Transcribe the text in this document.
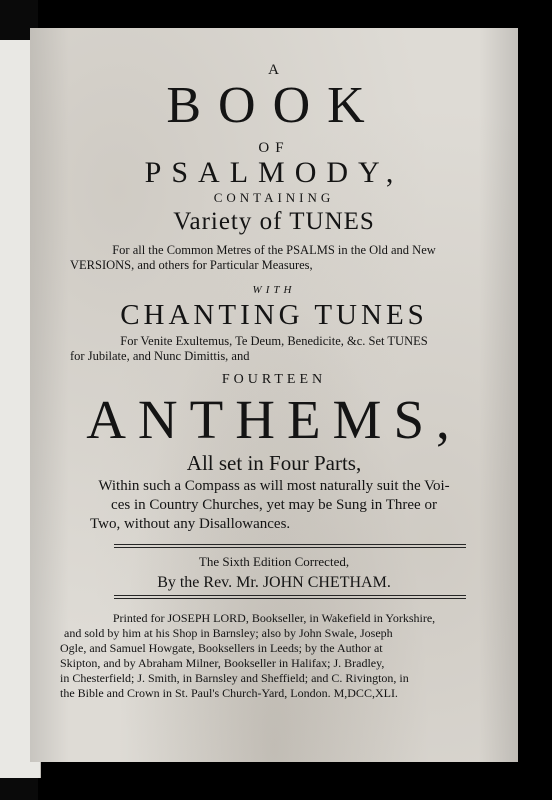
A
BOOK
OF
PSALMODY,
CONTAINING
Variety of TUNES
For all the Common Metres of the PSALMS in the Old and New
VERSIONS, and others for Particular Measures,
WITH
CHANTING TUNES
For Venite Exultemus, Te Deum, Benedicite, &c. Set TUNES
for Jubilate, and Nunc Dimittis, and
FOURTEEN
ANTHEMS,
All set in Four Parts,
Within such a Compass as will most naturally suit the Voi-
ces in Country Churches, yet may be Sung in Three or
Two, without any Disallowances.
The Sixth Edition Corrected,
By the Rev. Mr. JOHN CHETHAM.
Printed for JOSEPH LORD, Bookseller, in Wakefield in Yorkshire,
and sold by him at his Shop in Barnsley; also by John Swale, Joseph
Ogle, and Samuel Howgate, Booksellers in Leeds; by the Author at
Skipton, and by Abraham Milner, Bookseller in Halifax; J. Bradley,
in Chesterfield; J. Smith, in Barnsley and Sheffield; and C. Rivington, in
the Bible and Crown in St. Paul's Church-Yard, London. M,DCC,XLI.
